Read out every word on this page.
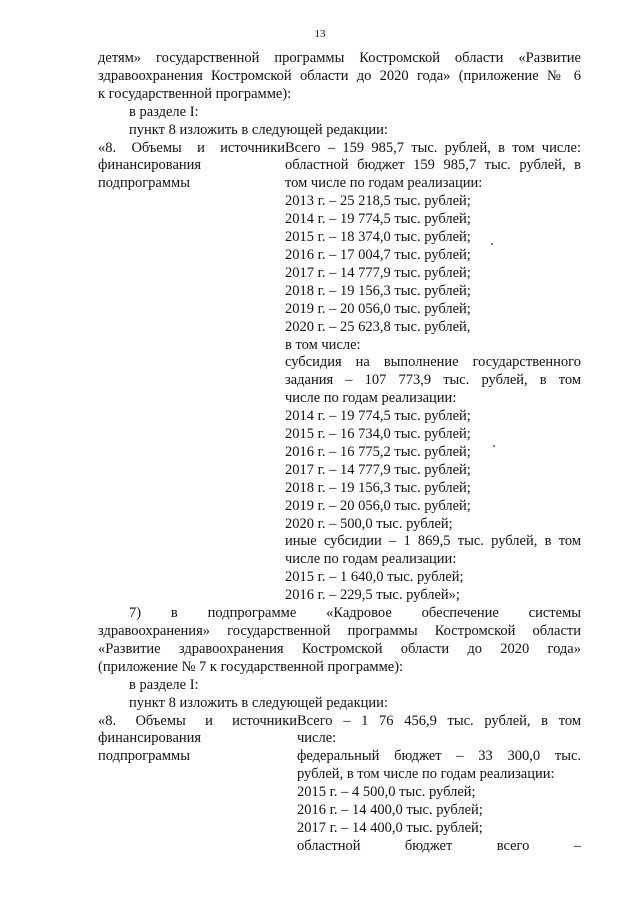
13
детям» государственной программы Костромской области «Развитие
здравоохранения Костромской области до 2020 года» (приложение № 6
к государственной программе):
в разделе I:
пункт 8 изложить в следующей редакции:
«8. Объемы и источники
финансирования
подпрограммы
Всего – 159 985,7 тыс. рублей, в том числе:
областной бюджет 159 985,7 тыс. рублей, в
том числе по годам реализации:
2013 г. – 25 218,5 тыс. рублей;
2014 г. – 19 774,5 тыс. рублей;
2015 г. – 18 374,0 тыс. рублей;
2016 г. – 17 004,7 тыс. рублей;
2017 г. – 14 777,9 тыс. рублей;
2018 г. – 19 156,3 тыс. рублей;
2019 г. – 20 056,0 тыс. рублей;
2020 г. – 25 623,8 тыс. рублей,
в том числе:
субсидия на выполнение государственного
задания – 107 773,9 тыс. рублей, в том
числе по годам реализации:
2014 г. – 19 774,5 тыс. рублей;
2015 г. – 16 734,0 тыс. рублей;
2016 г. – 16 775,2 тыс. рублей;
2017 г. – 14 777,9 тыс. рублей;
2018 г. – 19 156,3 тыс. рублей;
2019 г. – 20 056,0 тыс. рублей;
2020 г. – 500,0 тыс. рублей;
иные субсидии – 1 869,5 тыс. рублей, в том
числе по годам реализации:
2015 г. – 1 640,0 тыс. рублей;
2016 г. – 229,5 тыс. рублей»;
7) в подпрограмме «Кадровое обеспечение системы
здравоохранения» государственной программы Костромской области
«Развитие здравоохранения Костромской области до 2020 года»
(приложение № 7 к государственной программе):
в разделе I:
пункт 8 изложить в следующей редакции:
«8. Объемы и источники
финансирования
подпрограммы
Всего – 1 76 456,9 тыс. рублей, в том
числе:
федеральный бюджет – 33 300,0 тыс.
рублей, в том числе по годам реализации:
2015 г. – 4 500,0 тыс. рублей;
2016 г. – 14 400,0 тыс. рублей;
2017 г. – 14 400,0 тыс. рублей;
областной бюджет всего –
